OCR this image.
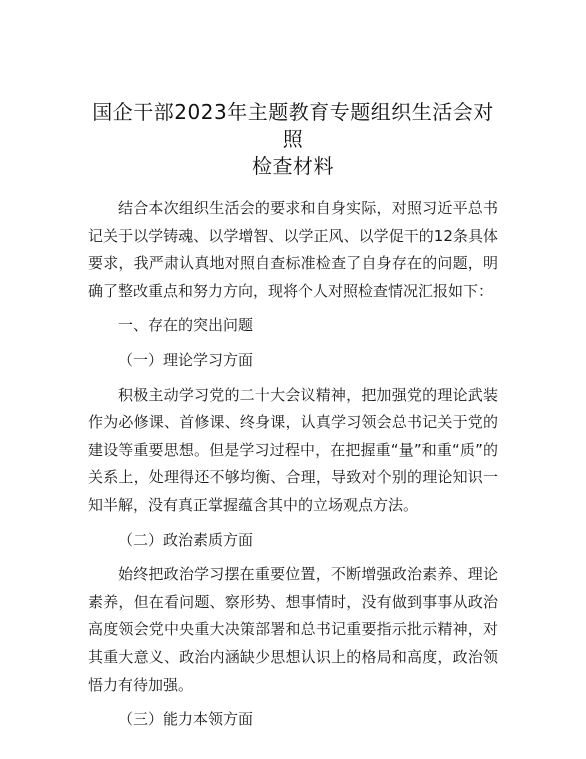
国企干部2023年主题教育专题组织生活会对照
检查材料

结合本次组织生活会的要求和自身实际，对照习近平总书记关于以学铸魂、以学增智、以学正风、以学促干的12条具体要求，我严肃认真地对照自查标准检查了自身存在的问题，明确了整改重点和努力方向，现将个人对照检查情况汇报如下：

一、存在的突出问题

（一）理论学习方面

积极主动学习党的二十大会议精神，把加强党的理论武装作为必修课、首修课、终身课，认真学习领会总书记关于党的建设等重要思想。但是学习过程中，在把握重“量”和重“质”的关系上，处理得还不够均衡、合理，导致对个别的理论知识一知半解，没有真正掌握蕴含其中的立场观点方法。

（二）政治素质方面

始终把政治学习摆在重要位置，不断增强政治素养、理论素养，但在看问题、察形势、想事情时，没有做到事事从政治高度领会党中央重大决策部署和总书记重要指示批示精神，对其重大意义、政治内涵缺少思想认识上的格局和高度，政治领悟力有待加强。

（三）能力本领方面
